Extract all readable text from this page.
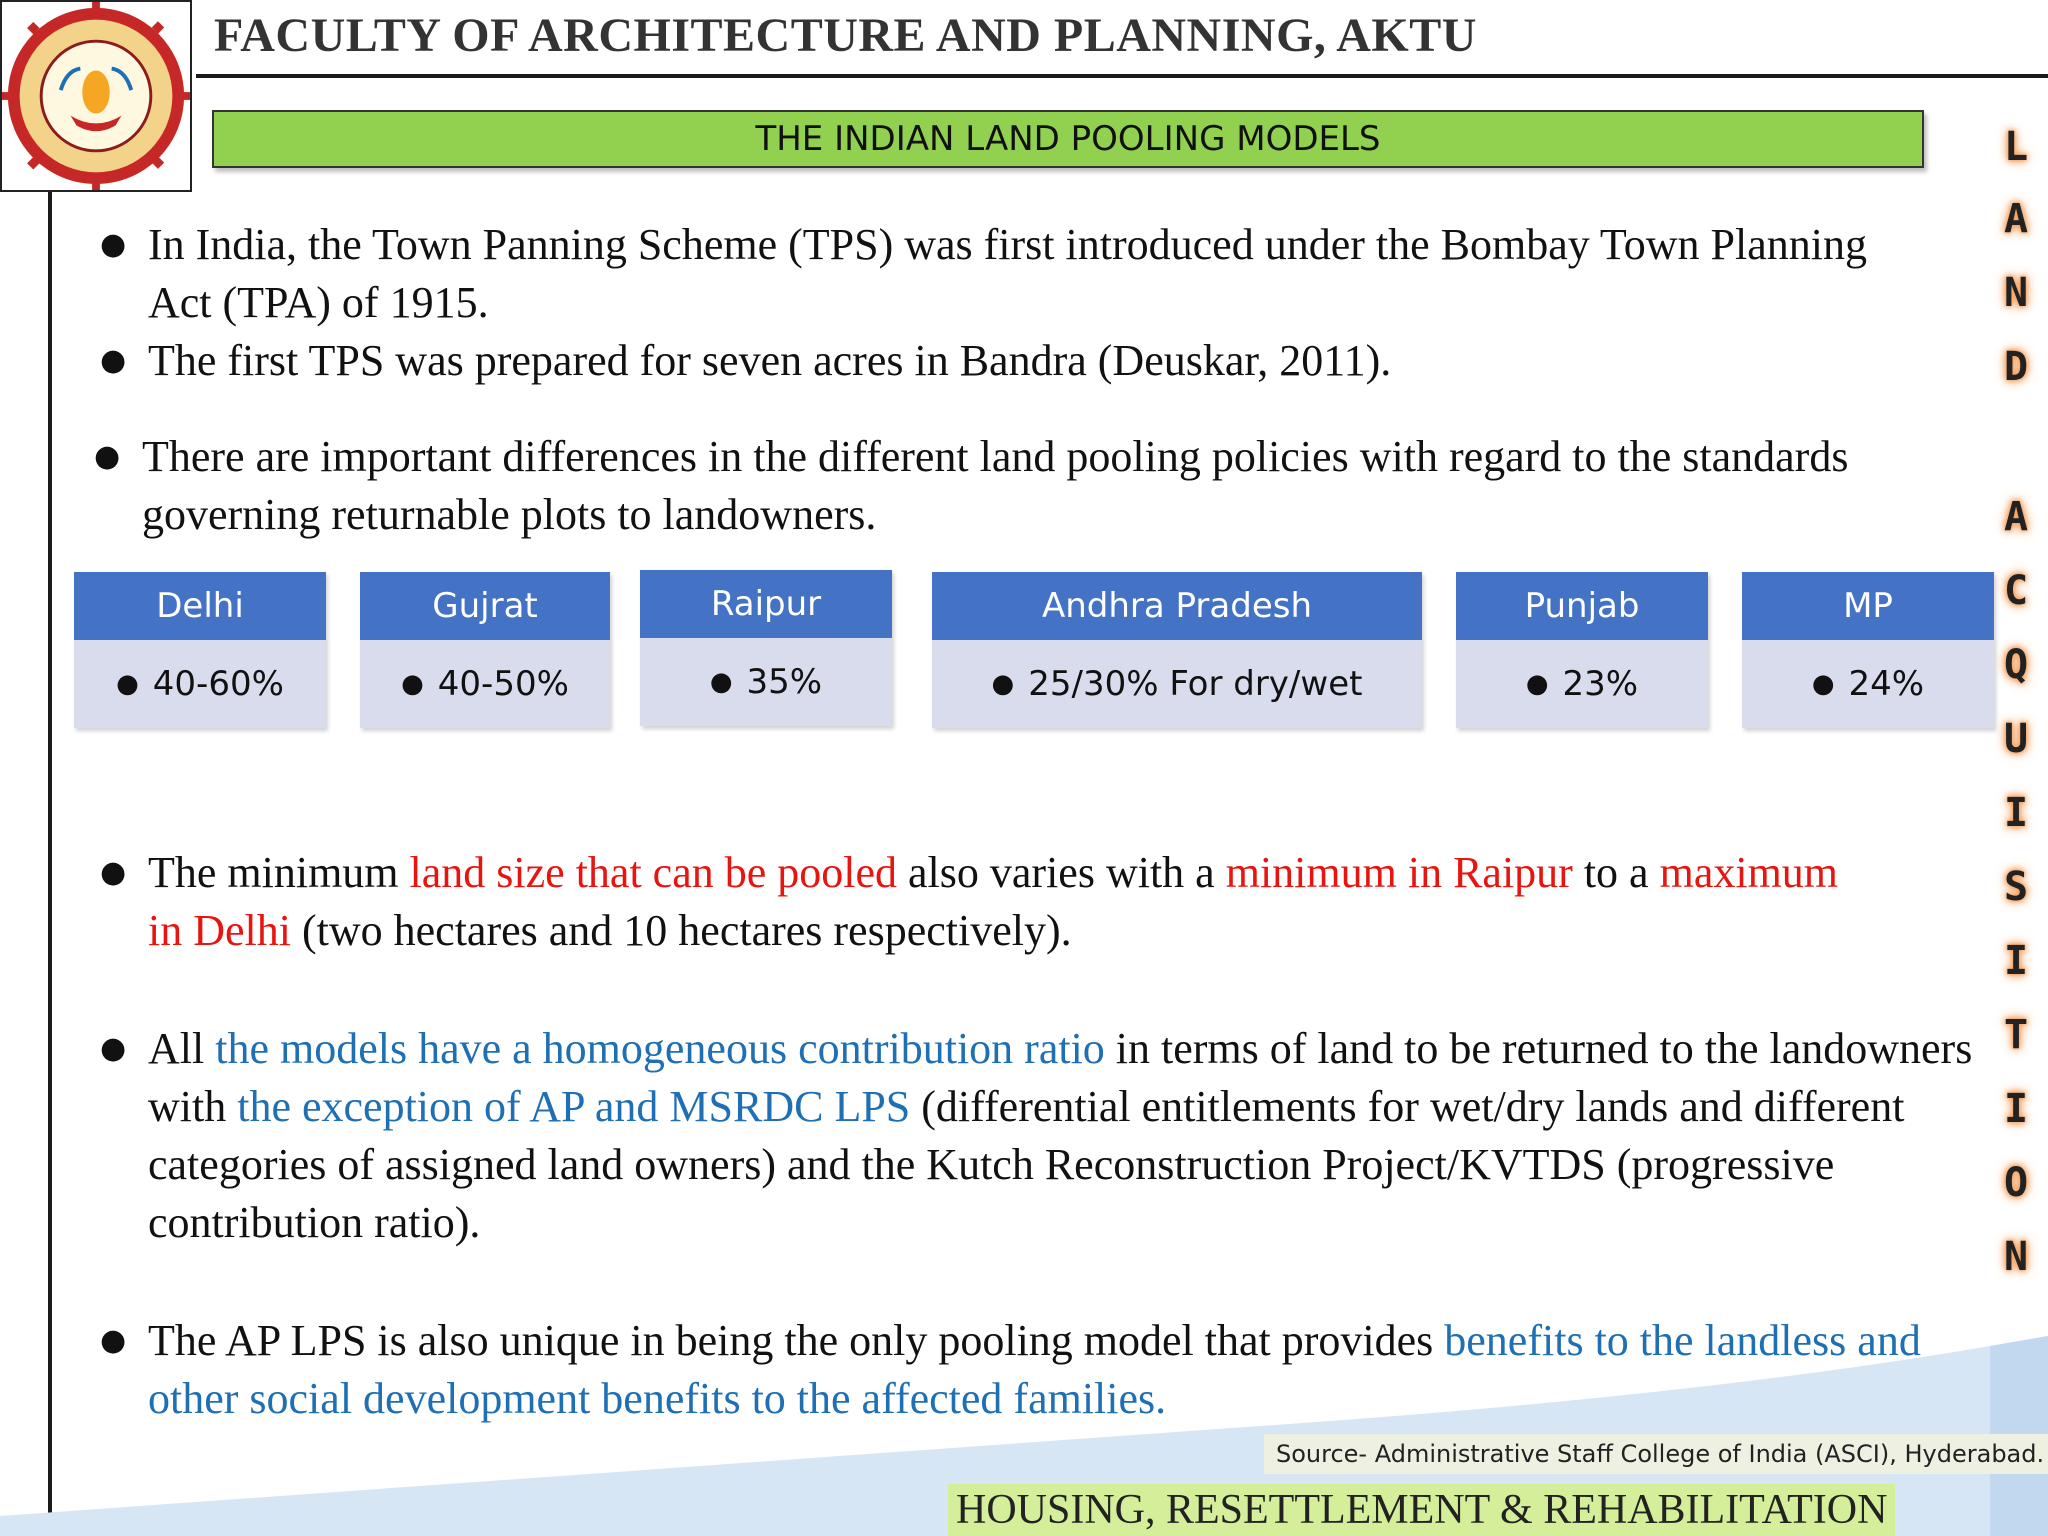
FACULTY OF ARCHITECTURE AND PLANNING, AKTU
THE INDIAN LAND POOLING MODELS	L
A
N
D
A
C
Q
U
I
S
I
T
I
O
N
● In India, the Town Panning Scheme (TPS) was first introduced under the Bombay Town Planning Act (TPA) of 1915.
● The first TPS was prepared for seven acres in Bandra (Deuskar, 2011).
● There are important differences in the different land pooling policies with regard to the standards governing returnable plots to landowners.
Delhi
● 40-60%
Gujrat
● 40-50%
Raipur
● 35%
Andhra Pradesh
● 25/30% For dry/wet
Punjab
● 23%
MP
● 24%
● The minimum land size that can be pooled also varies with a minimum in Raipur to a maximum in Delhi (two hectares and 10 hectares respectively).
● All the models have a homogeneous contribution ratio in terms of land to be returned to the landowners with the exception of AP and MSRDC LPS (differential entitlements for wet/dry lands and different categories of assigned land owners) and the Kutch Reconstruction Project/KVTDS (progressive contribution ratio).
● The AP LPS is also unique in being the only pooling model that provides benefits to the landless and other social development benefits to the affected families.
Source- Administrative Staff College of India (ASCI), Hyderabad.
HOUSING, RESETTLEMENT & REHABILITATION
